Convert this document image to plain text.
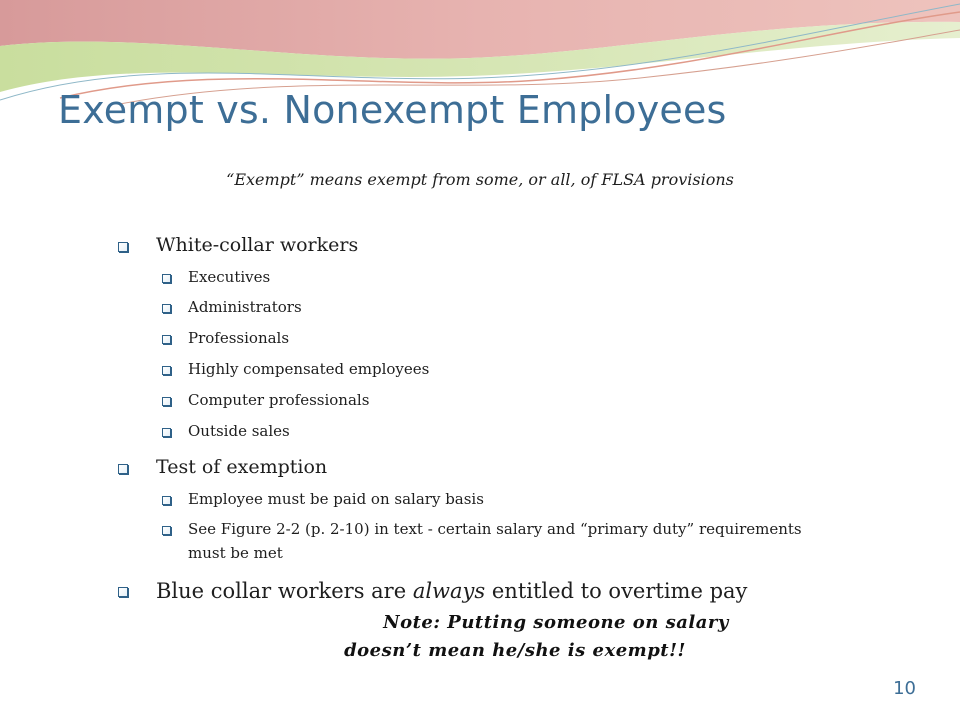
Exempt vs. Nonexempt Employees
“Exempt” means exempt from some, or all, of FLSA provisions
White-collar workers
Executives
Administrators
Professionals
Highly compensated employees
Computer professionals
Outside sales
Test of exemption
Employee must be paid on salary basis
See Figure 2-2 (p. 2-10) in text - certain salary and “primary duty” requirements
must be met
Blue collar workers are always entitled to overtime pay
Note: Putting someone on salary
doesn’t mean he/she is exempt!!
10
